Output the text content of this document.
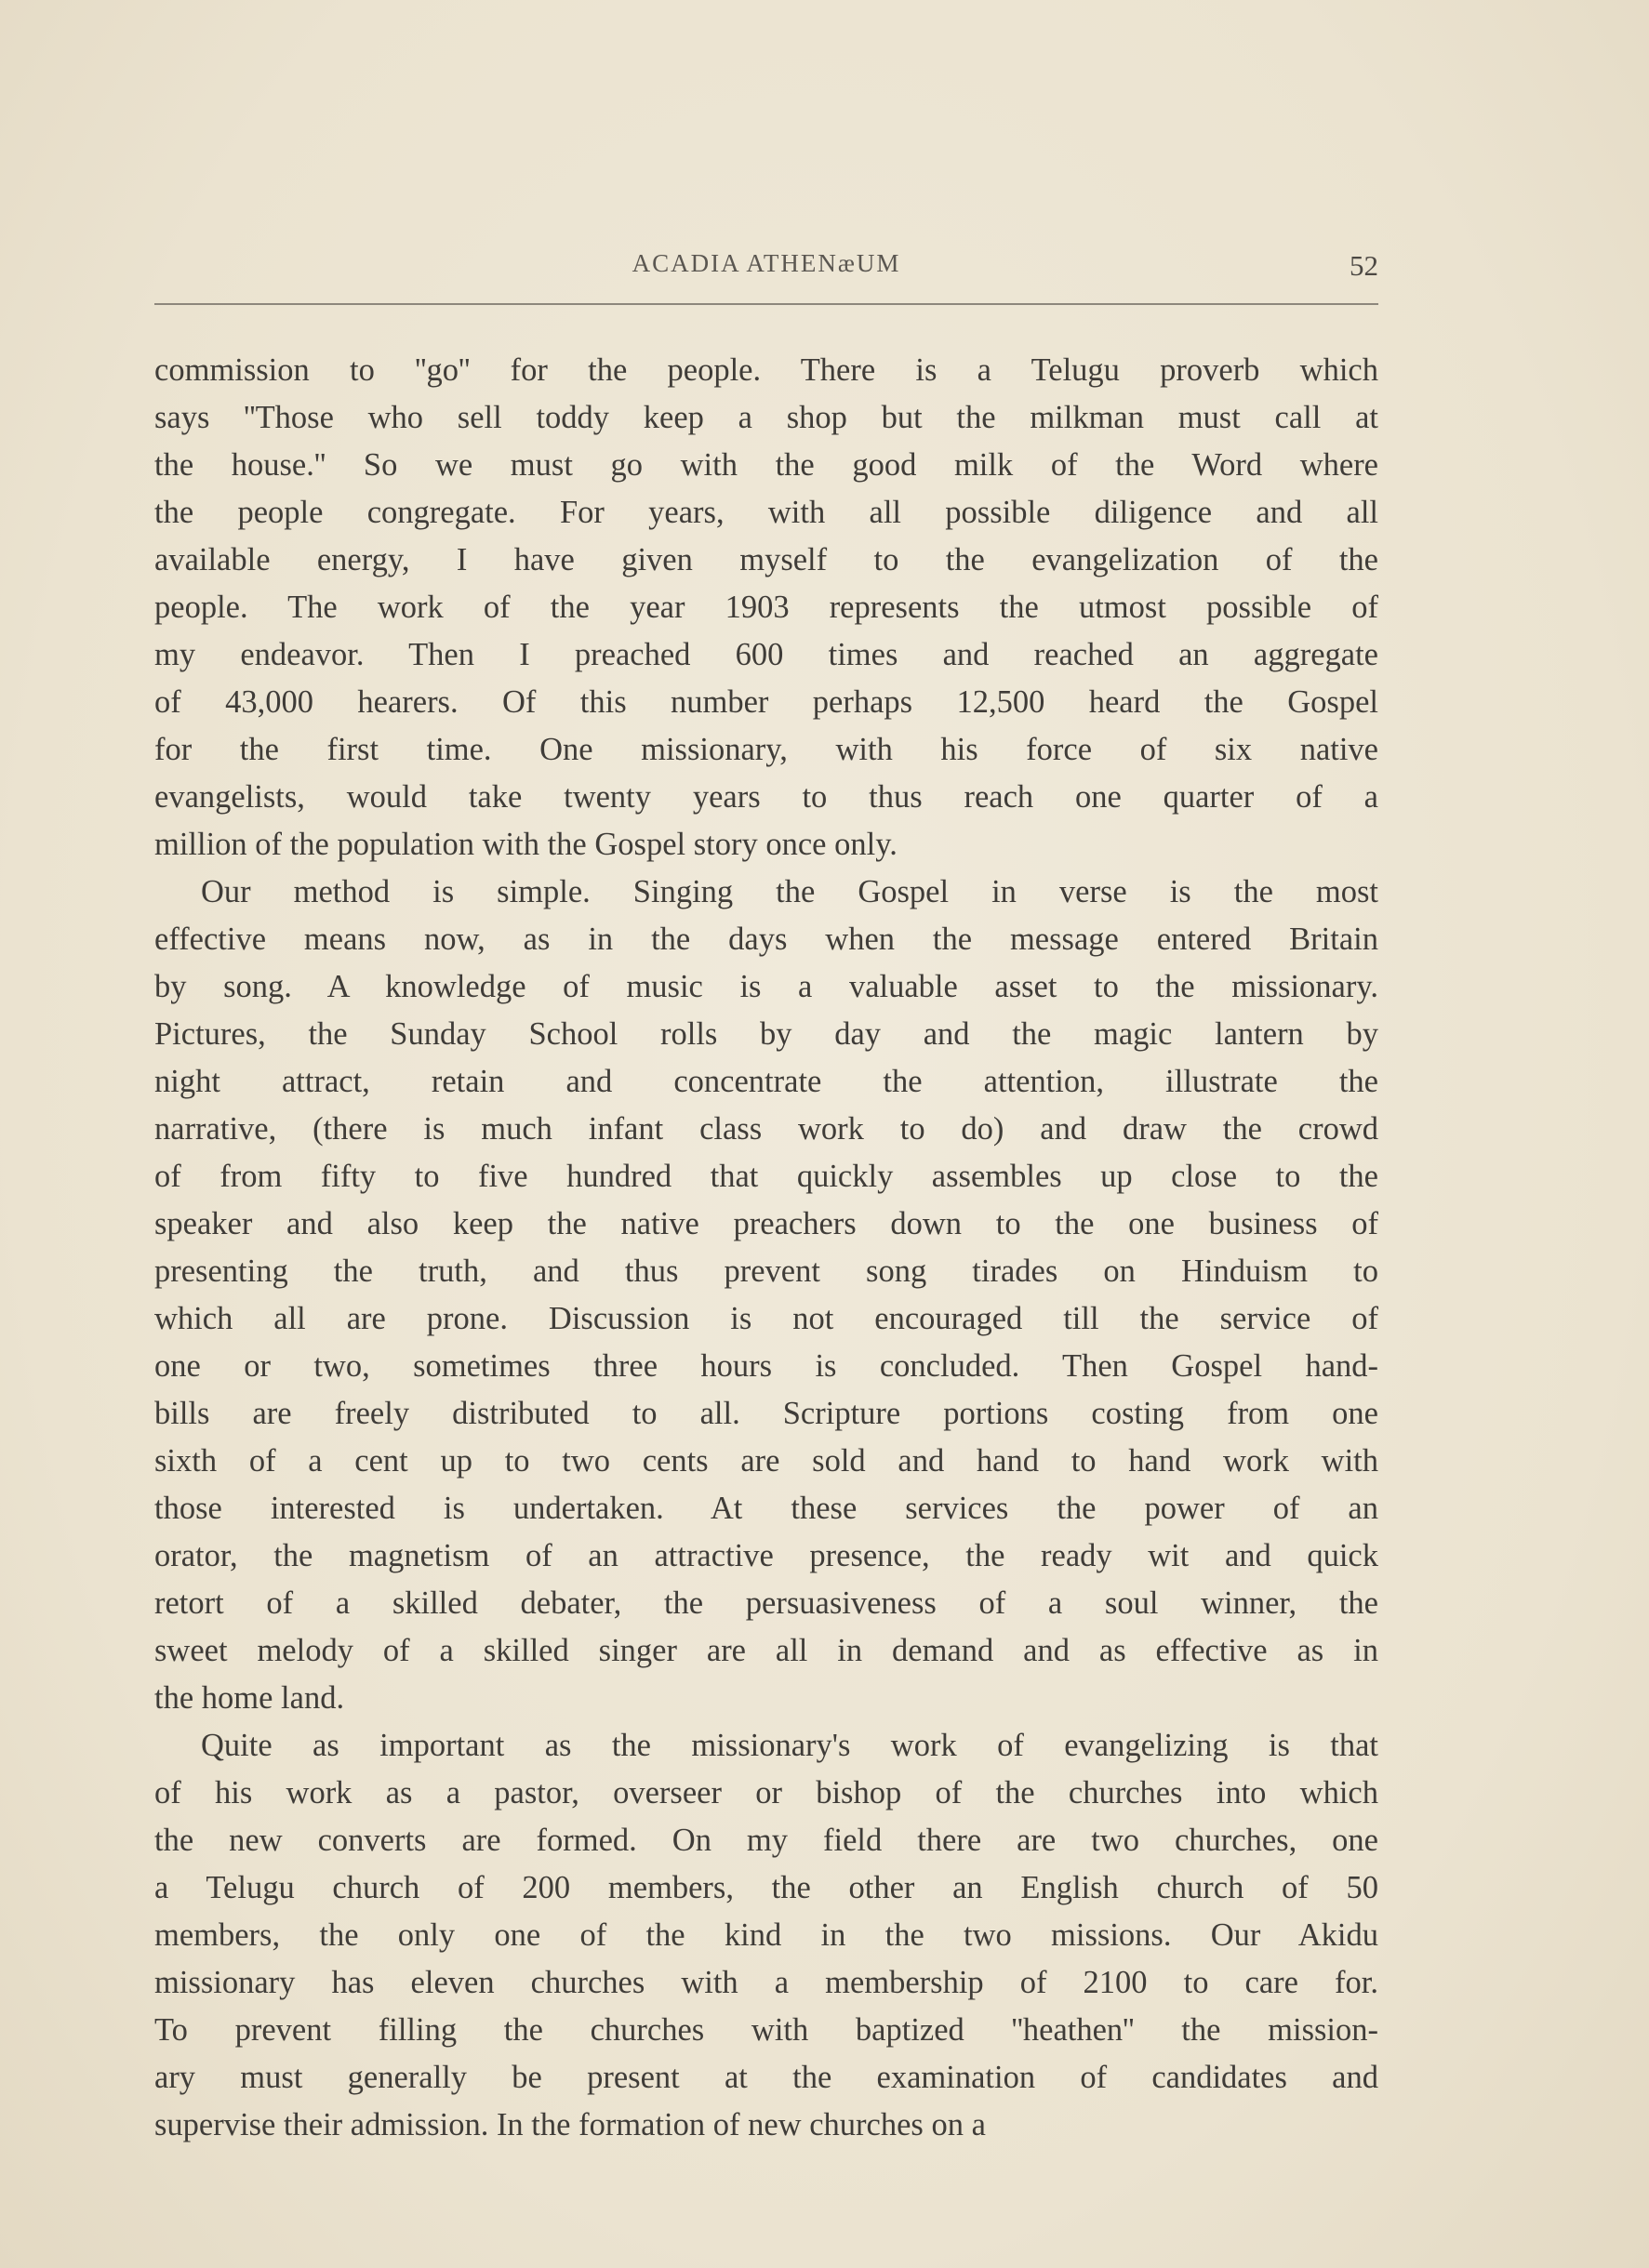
ACADIA ATHENæUM	52
commission to ''go'' for the people. There is a Telugu proverb which
says ''Those who sell toddy keep a shop but the milkman must call at
the house.'' So we must go with the good milk of the Word where
the people congregate. For years, with all possible diligence and all
available energy, I have given myself to the evangelization of the
people. The work of the year 1903 represents the utmost possible of
my endeavor. Then I preached 600 times and reached an aggregate
of 43,000 hearers. Of this number perhaps 12,500 heard the Gospel
for the first time. One missionary, with his force of six native
evangelists, would take twenty years to thus reach one quarter of a
million of the population with the Gospel story once only.
Our method is simple. Singing the Gospel in verse is the most
effective means now, as in the days when the message entered Britain
by song. A knowledge of music is a valuable asset to the missionary.
Pictures, the Sunday School rolls by day and the magic lantern by
night attract, retain and concentrate the attention, illustrate the
narrative, (there is much infant class work to do) and draw the crowd
of from fifty to five hundred that quickly assembles up close to the
speaker and also keep the native preachers down to the one business of
presenting the truth, and thus prevent song tirades on Hinduism to
which all are prone. Discussion is not encouraged till the service of
one or two, sometimes three hours is concluded. Then Gospel hand-
bills are freely distributed to all. Scripture portions costing from one
sixth of a cent up to two cents are sold and hand to hand work with
those interested is undertaken. At these services the power of an
orator, the magnetism of an attractive presence, the ready wit and quick
retort of a skilled debater, the persuasiveness of a soul winner, the
sweet melody of a skilled singer are all in demand and as effective as in
the home land.
Quite as important as the missionary's work of evangelizing is that
of his work as a pastor, overseer or bishop of the churches into which
the new converts are formed. On my field there are two churches, one
a Telugu church of 200 members, the other an English church of 50
members, the only one of the kind in the two missions. Our Akidu
missionary has eleven churches with a membership of 2100 to care for.
To prevent filling the churches with baptized ''heathen'' the mission-
ary must generally be present at the examination of candidates and
supervise their admission. In the formation of new churches on a
